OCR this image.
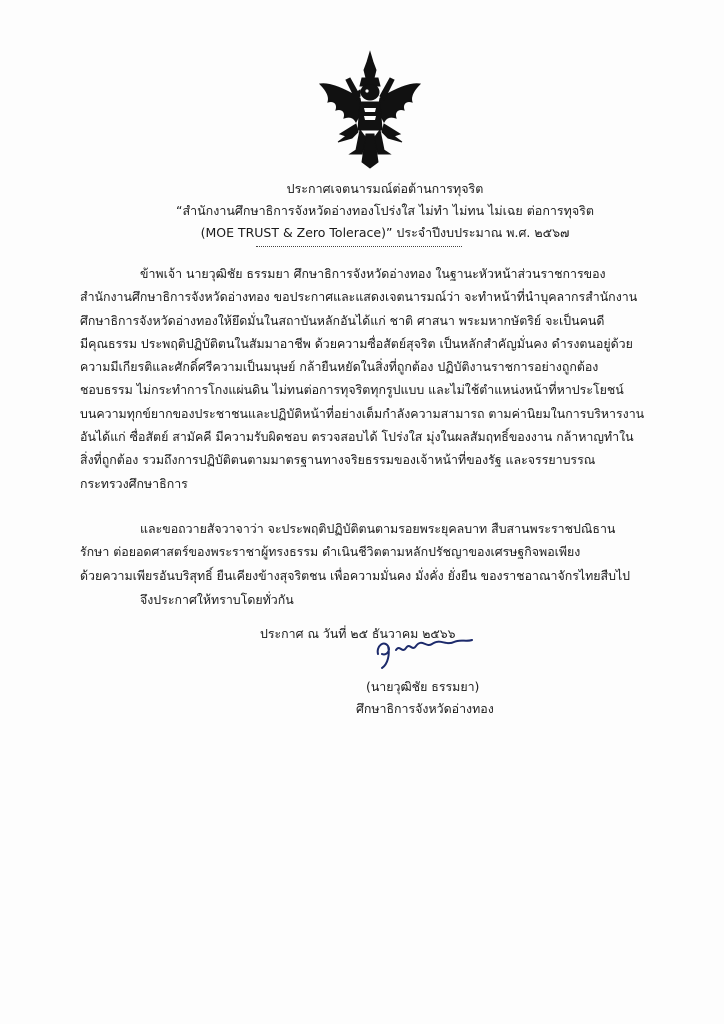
ประกาศเจตนารมณ์ต่อต้านการทุจริต
“สำนักงานศึกษาธิการจังหวัดอ่างทองโปร่งใส ไม่ทำ ไม่ทน ไม่เฉย ต่อการทุจริต
(MOE TRUST & Zero Tolerace)” ประจำปีงบประมาณ พ.ศ. ๒๕๖๗
ข้าพเจ้า นายวุฒิชัย ธรรมยา ศึกษาธิการจังหวัดอ่างทอง ในฐานะหัวหน้าส่วนราชการของ
สำนักงานศึกษาธิการจังหวัดอ่างทอง ขอประกาศและแสดงเจตนารมณ์ว่า จะทำหน้าที่นำบุคลากรสำนักงาน
ศึกษาธิการจังหวัดอ่างทองให้ยึดมั่นในสถาบันหลักอันได้แก่ ชาติ ศาสนา พระมหากษัตริย์ จะเป็นคนดี
มีคุณธรรม ประพฤติปฏิบัติตนในสัมมาอาชีพ ด้วยความซื่อสัตย์สุจริต เป็นหลักสำคัญมั่นคง ดำรงตนอยู่ด้วย
ความมีเกียรติและศักดิ์ศรีความเป็นมนุษย์ กล้ายืนหยัดในสิ่งที่ถูกต้อง ปฏิบัติงานราชการอย่างถูกต้อง
ชอบธรรม ไม่กระทำการโกงแผ่นดิน ไม่ทนต่อการทุจริตทุกรูปแบบ และไม่ใช้ตำแหน่งหน้าที่หาประโยชน์
บนความทุกข์ยากของประชาชนและปฏิบัติหน้าที่อย่างเต็มกำลังความสามารถ ตามค่านิยมในการบริหารงาน
อันได้แก่ ซื่อสัตย์ สามัคคี มีความรับผิดชอบ ตรวจสอบได้ โปร่งใส มุ่งในผลสัมฤทธิ์ของงาน กล้าหาญทำใน
สิ่งที่ถูกต้อง รวมถึงการปฏิบัติตนตามมาตรฐานทางจริยธรรมของเจ้าหน้าที่ของรัฐ และจรรยาบรรณ
กระทรวงศึกษาธิการ
และขอถวายสัจวาจาว่า จะประพฤติปฏิบัติตนตามรอยพระยุคลบาท สืบสานพระราชปณิธาน
รักษา ต่อยอดศาสตร์ของพระราชาผู้ทรงธรรม ดำเนินชีวิตตามหลักปรัชญาของเศรษฐกิจพอเพียง
ด้วยความเพียรอันบริสุทธิ์ ยืนเคียงข้างสุจริตชน เพื่อความมั่นคง มั่งคั่ง ยั่งยืน ของราชอาณาจักรไทยสืบไป
จึงประกาศให้ทราบโดยทั่วกัน
ประกาศ ณ วันที่ ๒๕ ธันวาคม ๒๕๖๖
(นายวุฒิชัย ธรรมยา)
ศึกษาธิการจังหวัดอ่างทอง
